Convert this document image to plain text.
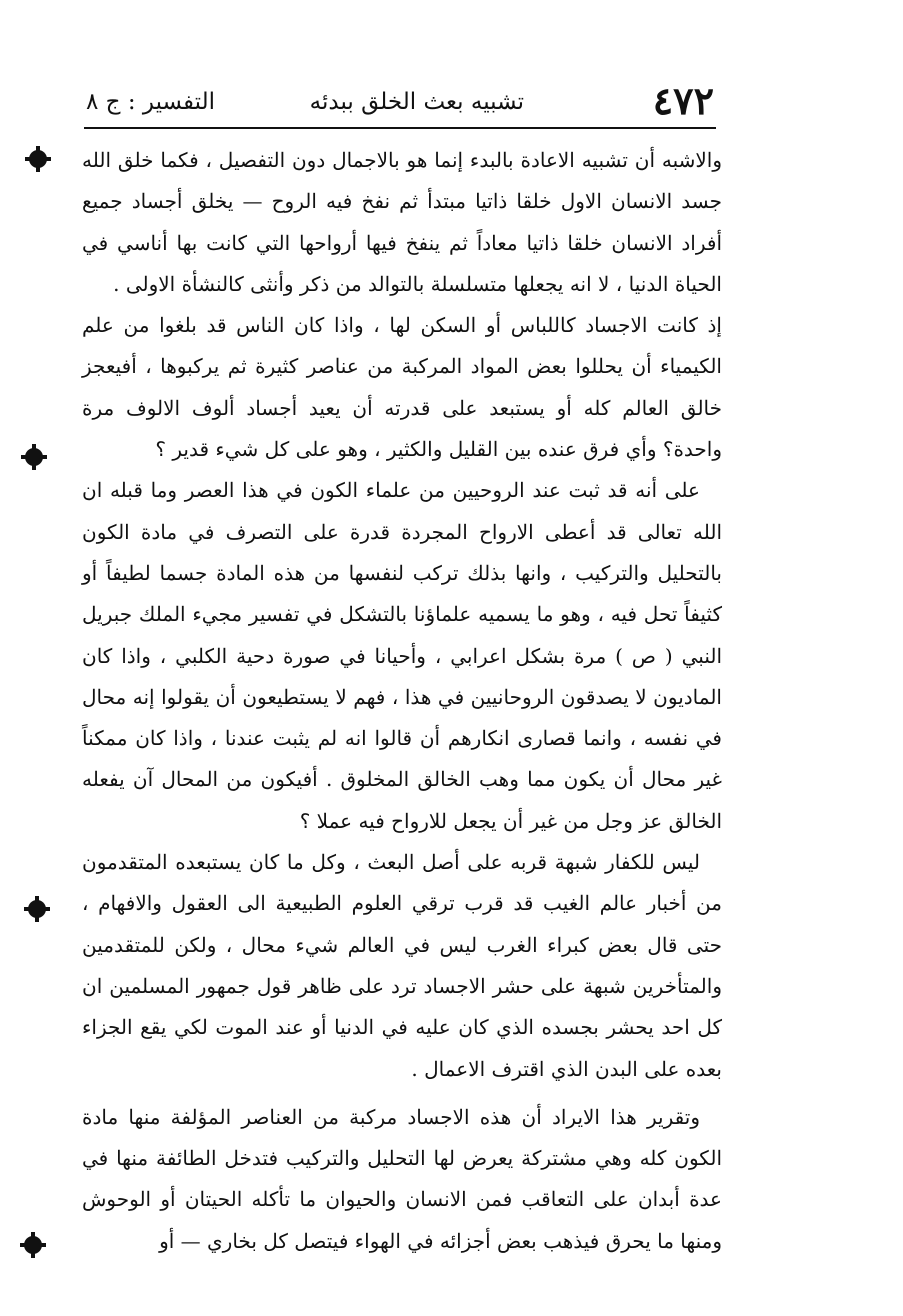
٤٧٢
تشبيه بعث الخلق ببدئه
التفسير : ج ٨

والاشبه أن تشبيه الاعادة بالبدء إنما هو بالاجمال دون التفصيل ، فكما خلق الله جسد الانسان الاول خلقا ذاتيا مبتدأ ثم نفخ فيه الروح — يخلق أجساد جميع أفراد الانسان خلقا ذاتيا معاداً ثم ينفخ فيها أرواحها التي كانت بها أناسي في الحياة الدنيا ، لا انه يجعلها متسلسلة بالتوالد من ذكر وأنثى كالنشأة الاولى .

إذ كانت الاجساد كاللباس أو السكن لها ، واذا كان الناس قد بلغوا من علم الكيمياء أن يحللوا بعض المواد المركبة من عناصر كثيرة ثم يركبوها ، أفيعجز خالق العالم كله أو يستبعد على قدرته أن يعيد أجساد ألوف الالوف مرة واحدة؟ وأي فرق عنده بين القليل والكثير ، وهو على كل شيء قدير ؟

على أنه قد ثبت عند الروحيين من علماء الكون في هذا العصر وما قبله ان الله تعالى قد أعطى الارواح المجردة قدرة على التصرف في مادة الكون بالتحليل والتركيب ، وانها بذلك تركب لنفسها من هذه المادة جسما لطيفاً أو كثيفاً تحل فيه ، وهو ما يسميه علماؤنا بالتشكل في تفسير مجيء الملك جبريل النبي ( ص ) مرة بشكل اعرابي ، وأحيانا في صورة دحية الكلبي ، واذا كان الماديون لا يصدقون الروحانيين في هذا ، فهم لا يستطيعون أن يقولوا إنه محال في نفسه ، وانما قصارى انكارهم أن قالوا انه لم يثبت عندنا ، واذا كان ممكناً غير محال أن يكون مما وهب الخالق المخلوق . أفيكون من المحال آن يفعله الخالق عز وجل من غير أن يجعل للارواح فيه عملا ؟

ليس للكفار شبهة قربه على أصل البعث ، وكل ما كان يستبعده المتقدمون من أخبار عالم الغيب قد قرب ترقي العلوم الطبيعية الى العقول والافهام ، حتى قال بعض كبراء الغرب ليس في العالم شيء محال ، ولكن للمتقدمين والمتأخرين شبهة على حشر الاجساد ترد على ظاهر قول جمهور المسلمين ان كل احد يحشر بجسده الذي كان عليه في الدنيا أو عند الموت لكي يقع الجزاء بعده على البدن الذي اقترف الاعمال .

وتقرير هذا الايراد أن هذه الاجساد مركبة من العناصر المؤلفة منها مادة الكون كله وهي مشتركة يعرض لها التحليل والتركيب فتدخل الطائفة منها في عدة أبدان على التعاقب فمن الانسان والحيوان ما تأكله الحيتان أو الوحوش ومنها ما يحرق فيذهب بعض أجزائه في الهواء فيتصل كل بخاري — أو
